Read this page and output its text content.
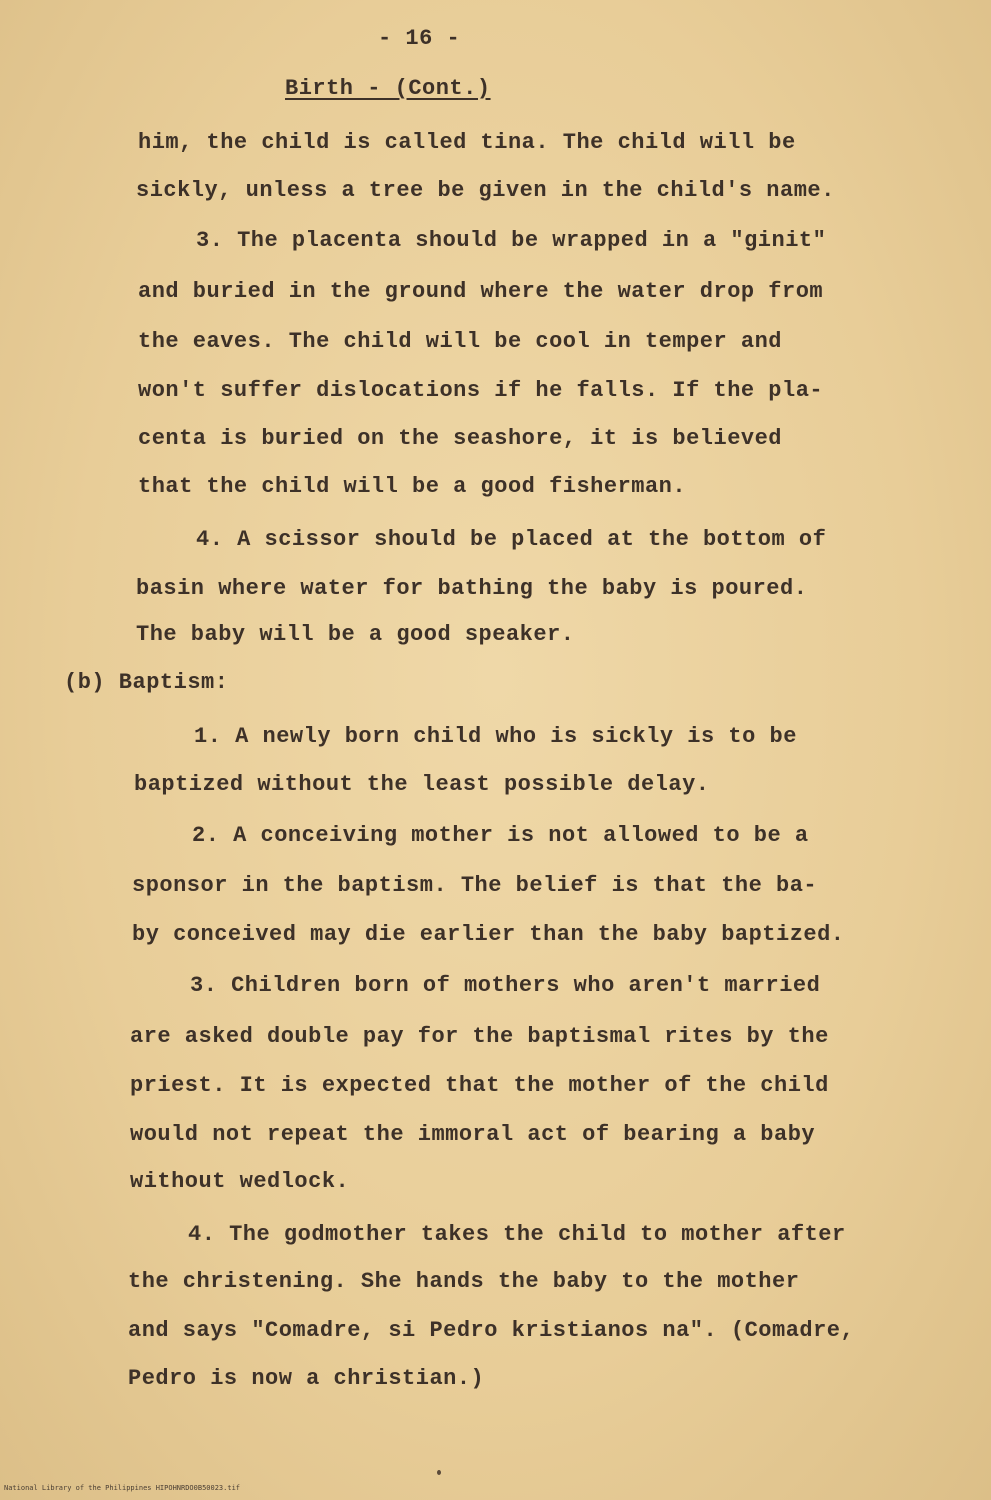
- 16 -
Birth - (Cont.)
him, the child is called tina. The child will be
sickly, unless a tree be given in the child's name.
3. The placenta should be wrapped in a "ginit"
and buried in the ground where the water drop from
the eaves. The child will be cool in temper and
won't suffer dislocations if he falls. If the pla-
centa is buried on the seashore, it is believed
that the child will be a good fisherman.
4. A scissor should be placed at the bottom of
basin where water for bathing the baby is poured.
The baby will be a good speaker.
(b) Baptism:
1. A newly born child who is sickly is to be
baptized without the least possible delay.
2. A conceiving mother is not allowed to be a
sponsor in the baptism. The belief is that the ba-
by conceived may die earlier than the baby baptized.
3. Children born of mothers who aren't married
are asked double pay for the baptismal rites by the
priest. It is expected that the mother of the child
would not repeat the immoral act of bearing a baby
without wedlock.
4. The godmother takes the child to mother after
the christening. She hands the baby to the mother
and says "Comadre, si Pedro kristianos na". (Comadre,
Pedro is now a christian.)
National Library of the Philippines HIPOHNRDO0B50023.tif
